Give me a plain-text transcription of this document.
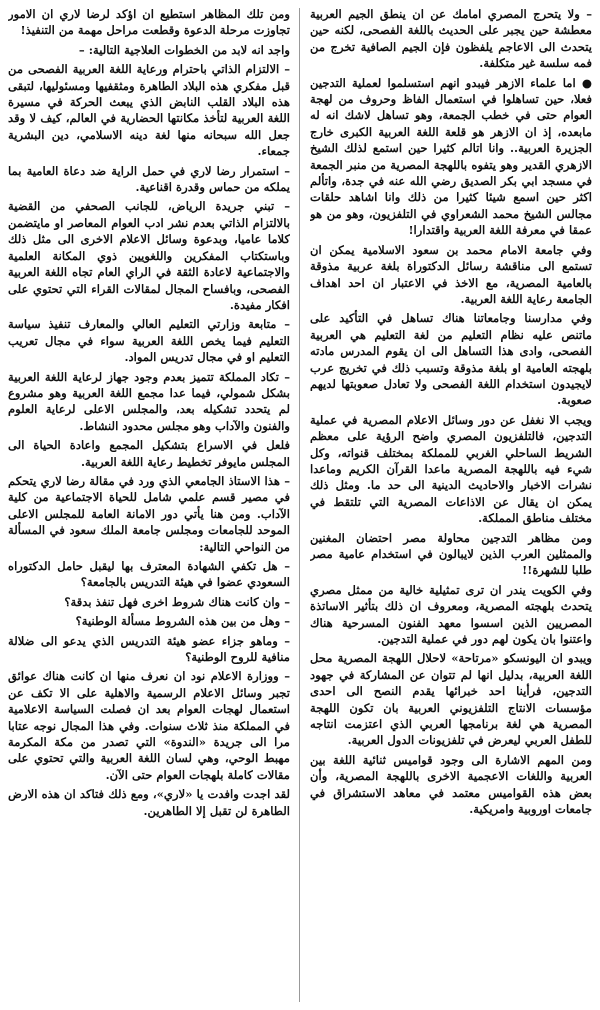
– ولا يتحرج المصري امامك عن ان ينطق الجيم العربية معطشة حين يجبر على الحديث باللغة الفصحى، لكنه حين يتحدث الى الاعاجم يلفظون فإن الجيم الصافية تخرج من فمه سلسة غير متكلفة.

● اما علماء الازهر فيبدو انهم استسلموا لعملية التدجين فعلا، حين تساهلوا في استعمال الفاظ وحروف من لهجة العوام حتى في خطب الجمعة، وهو تساهل لاشك انه له مابعده، إذ ان الازهر هو قلعة اللغة العربية الكبرى خارج الجزيرة العربية.. وانا اتالم كثيرا حين استمع لذلك الشيخ الازهري القدير وهو يتفوه باللهجة المصرية من منبر الجمعة في مسجد ابي بكر الصديق رضي الله عنه في جدة، واتألم اكثر حين اسمع شيئا كثيرا من ذلك وانا اشاهد حلقات مجالس الشيخ محمد الشعراوي في التلفزيون، وهو من هو عمقا في معرفة اللغة العربية واقتدارا!

وفي جامعة الامام محمد بن سعود الاسلامية يمكن ان تستمع الى مناقشة رسائل الدكتوراة بلغة عربية مذوقة بالعامية المصرية، مع الاخذ في الاعتبار ان احد اهداف الجامعة رعاية اللغة العربية.

وفي مدارسنا وجامعاتنا هناك تساهل في التأكيد على ماتنص عليه نظام التعليم من لغة التعليم هي العربية الفصحى، وادى هذا التساهل الى ان يقوم المدرس مادته بلهجته العامية او بلغة مذوقة وتسبب ذلك في تخريج عرب لايجيدون استخدام اللغة الفصحى ولا تعادل صعوبتها لديهم صعوبة.

ويجب الا نغفل عن دور وسائل الاعلام المصرية في عملية التدجين، فالتلفزيون المصري واضح الرؤية على معظم الشريط الساحلي الغربي للمملكة بمختلف قنواته، وكل شيء فيه باللهجة المصرية ماعدا القرآن الكريم وماعدا نشرات الاخبار والاحاديث الدينية الى حد ما. ومثل ذلك يمكن ان يقال عن الاذاعات المصرية التي تلتقط في مختلف مناطق المملكة.

ومن مظاهر التدجين محاولة مصر احتضان المغنين والممثلين العرب الذين لايبالون في استخدام عامية مصر طلبا للشهرة!!

وفي الكويت يندر ان ترى تمثيلية خالية من ممثل مصري يتحدث بلهجته المصرية، ومعروف ان ذلك بتأثير الاساتذة المصريين الذين اسسوا معهد الفنون المسرحية هناك واعتنوا بان يكون لهم دور في عملية التدجين.

ويبدو ان اليونسكو «مرتاحة» لاحلال اللهجة المصرية محل اللغة العربية، بدليل انها لم تتوان عن المشاركة في جهود التدجين، فرأينا احد خبرائها يقدم النصح الى احدى مؤسسات الانتاج التلفزيوني العربية بان تكون اللهجة المصرية هي لغة برنامجها العربي الذي اعتزمت انتاجه للطفل العربي ليعرض في تلفزيونات الدول العربية.

ومن المهم الاشارة الى وجود قواميس ثنائية اللغة بين العربية واللغات الاعجمية الاخرى باللهجة المصرية، وأن بعض هذه القواميس معتمد في معاهد الاستشراق في جامعات اوروبية وامريكية.

ومن تلك المظاهر استطيع ان اؤكد لرضا لاري ان الامور تجاوزت مرحلة الدعوة وقطعت مراحل مهمة من التنفيذ!

واجد انه لابد من الخطوات العلاجية التالية: –

– الالتزام الذاتي باحترام ورعاية اللغة العربية الفصحى من قبل مفكري هذه البلاد الطاهرة ومثقفيها ومسئوليها، لتبقى هذه البلاد القلب النابض الذي يبعث الحركة في مسيرة اللغة العربية لتأخذ مكانتها الحضارية في العالم، كيف لا وقد جعل الله سبحانه منها لغة دينه الاسلامي، دين البشرية جمعاء.

– استمرار رضا لاري في حمل الراية ضد دعاة العامية بما يملكه من حماس وقدرة اقناعية.

– تبني جريدة الرياض، للجانب الصحفي من القضية بالالتزام الذاتي بعدم نشر ادب العوام المعاصر او مايتضمن كلاما عاميا، وبدعوة وسائل الاعلام الاخرى الى مثل ذلك وباستكتاب المفكرين واللغويين ذوي المكانة العلمية والاجتماعية لاعادة الثقة في الراي العام تجاه اللغة العربية الفصحى، وبافساح المجال لمقالات القراء التي تحتوي على افكار مفيدة.

– متابعة وزارتي التعليم العالي والمعارف تنفيذ سياسة التعليم فيما يخص اللغة العربية سواء في مجال تعريب التعليم او في مجال تدريس المواد.

– تكاد المملكة تتميز بعدم وجود جهاز لرعاية اللغة العربية بشكل شمولي، فيما عدا مجمع اللغة العربية وهو مشروع لم يتحدد تشكيله بعد، والمجلس الاعلى لرعاية العلوم والفنون والآداب وهو مجلس محدود النشاط.

فلعل في الاسراع بتشكيل المجمع واعادة الحياة الى المجلس مايوفر تخطيط رعاية اللغة العربية.

– هذا الاستاذ الجامعي الذي ورد في مقالة رضا لاري يتحكم في مصير قسم علمي شامل للحياة الاجتماعية من كلية الآداب. ومن هنا يأتي دور الامانة العامة للمجلس الاعلى الموحد للجامعات ومجلس جامعة الملك سعود في المسألة من النواحي التالية:

– هل تكفي الشهادة المعترف بها ليقبل حامل الدكتوراه السعودي عضوا في هيئة التدريس بالجامعة؟

– وان كانت هناك شروط اخرى فهل تنفذ بدقة؟

– وهل من بين هذه الشروط مسألة الوطنية؟

– وماهو جزاء عضو هيئة التدريس الذي يدعو الى ضلالة منافية للروح الوطنية؟

– ووزارة الاعلام نود ان نعرف منها ان كانت هناك عوائق تجبر وسائل الاعلام الرسمية والاهلية على الا تكف عن استعمال لهجات العوام بعد ان فصلت السياسة الاعلامية في المملكة منذ ثلاث سنوات. وفي هذا المجال نوجه عتابا مرا الى جريدة «الندوة» التي تصدر من مكة المكرمة مهبط الوحي، وهي لسان اللغة العربية والتي تحتوي على مقالات كاملة بلهجات العوام حتى الآن.

لقد اجدت وافدت يا «لاري»، ومع ذلك فتاكد ان هذه الارض الطاهرة لن تقبل إلا الطاهرين.
